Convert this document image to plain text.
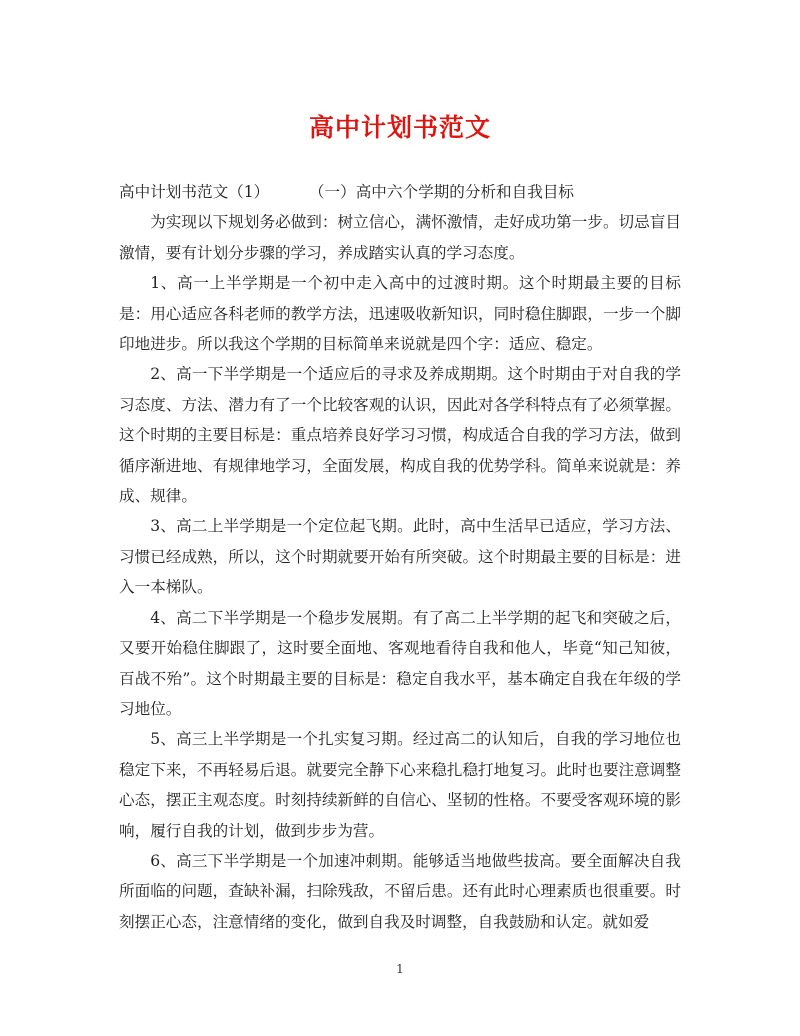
高中计划书范文

高中计划书范文（1）	（一）高中六个学期的分析和自我目标

为实现以下规划务必做到：树立信心，满怀激情，走好成功第一步。切忌盲目激情，要有计划分步骤的学习，养成踏实认真的学习态度。

1、高一上半学期是一个初中走入高中的过渡时期。这个时期最主要的目标是：用心适应各科老师的教学方法，迅速吸收新知识，同时稳住脚跟，一步一个脚印地进步。所以我这个学期的目标简单来说就是四个字：适应、稳定。

2、高一下半学期是一个适应后的寻求及养成期期。这个时期由于对自我的学习态度、方法、潜力有了一个比较客观的认识，因此对各学科特点有了必须掌握。这个时期的主要目标是：重点培养良好学习习惯，构成适合自我的学习方法，做到循序渐进地、有规律地学习，全面发展，构成自我的优势学科。简单来说就是：养成、规律。

3、高二上半学期是一个定位起飞期。此时，高中生活早已适应，学习方法、习惯已经成熟，所以，这个时期就要开始有所突破。这个时期最主要的目标是：进入一本梯队。

4、高二下半学期是一个稳步发展期。有了高二上半学期的起飞和突破之后，又要开始稳住脚跟了，这时要全面地、客观地看待自我和他人，毕竟“知己知彼，百战不殆”。这个时期最主要的目标是：稳定自我水平，基本确定自我在年级的学习地位。

5、高三上半学期是一个扎实复习期。经过高二的认知后，自我的学习地位也稳定下来，不再轻易后退。就要完全静下心来稳扎稳打地复习。此时也要注意调整心态，摆正主观态度。时刻持续新鲜的自信心、坚韧的性格。不要受客观环境的影响，履行自我的计划，做到步步为营。

6、高三下半学期是一个加速冲刺期。能够适当地做些拔高。要全面解决自我所面临的问题，查缺补漏，扫除残敌，不留后患。还有此时心理素质也很重要。时刻摆正心态，注意情绪的变化，做到自我及时调整，自我鼓励和认定。就如爱

1
